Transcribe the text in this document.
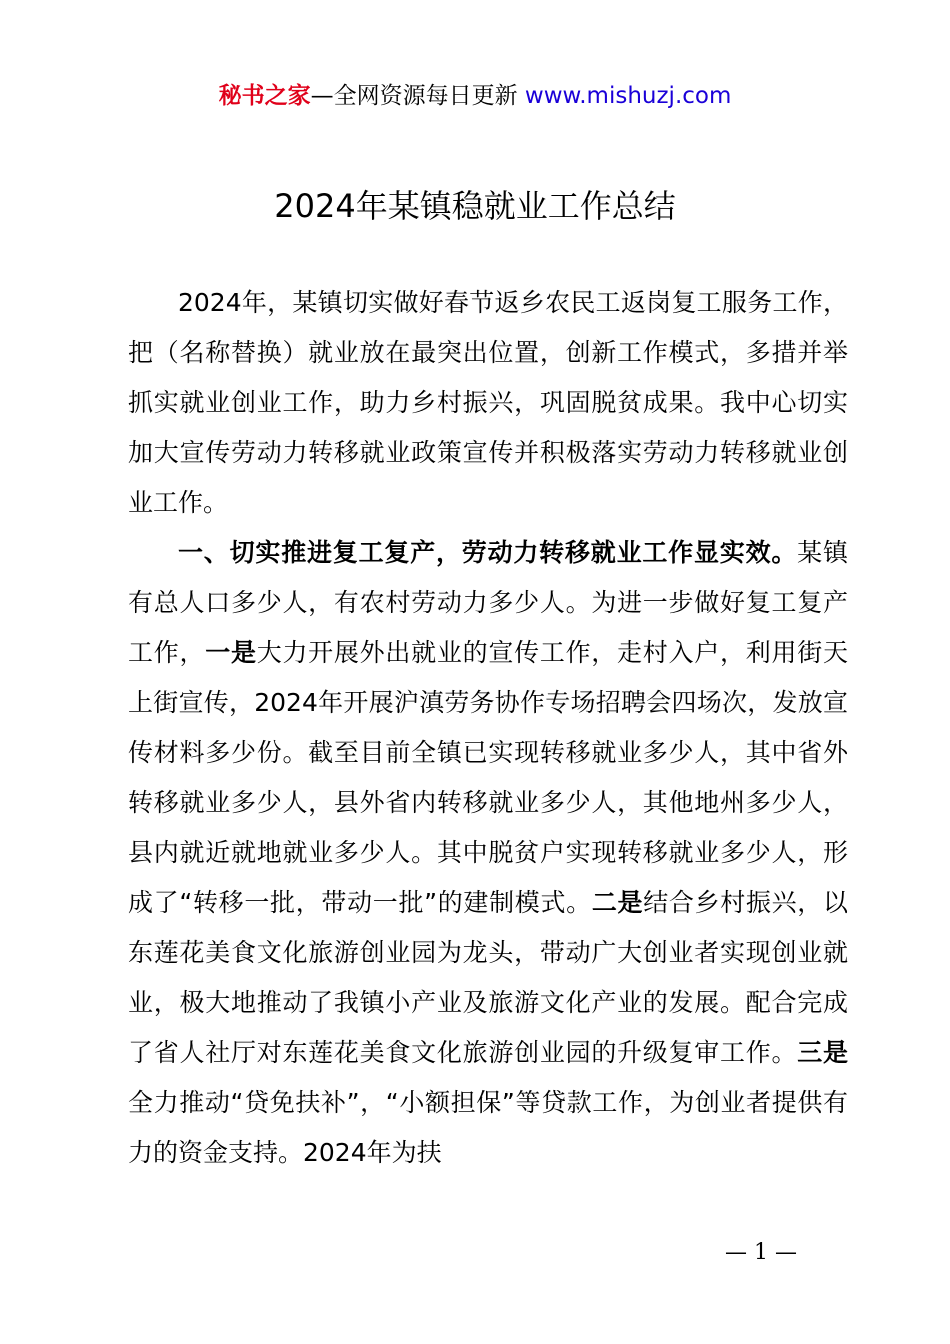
秘书之家—全网资源每日更新 www.mishuzj.com
2024年某镇稳就业工作总结

2024年，某镇切实做好春节返乡农民工返岗复工服务工作，把（名称替换）就业放在最突出位置，创新工作模式，多措并举抓实就业创业工作，助力乡村振兴，巩固脱贫成果。我中心切实加大宣传劳动力转移就业政策宣传并积极落实劳动力转移就业创业工作。

一、切实推进复工复产，劳动力转移就业工作显实效。某镇有总人口多少人，有农村劳动力多少人。为进一步做好复工复产工作，一是大力开展外出就业的宣传工作，走村入户，利用街天上街宣传，2024年开展沪滇劳务协作专场招聘会四场次，发放宣传材料多少份。截至目前全镇已实现转移就业多少人，其中省外转移就业多少人，县外省内转移就业多少人，其他地州多少人，县内就近就地就业多少人。其中脱贫户实现转移就业多少人，形成了“转移一批，带动一批”的建制模式。二是结合乡村振兴，以东莲花美食文化旅游创业园为龙头，带动广大创业者实现创业就业，极大地推动了我镇小产业及旅游文化产业的发展。配合完成了省人社厅对东莲花美食文化旅游创业园的升级复审工作。三是全力推动“贷免扶补”，“小额担保”等贷款工作，为创业者提供有力的资金支持。2024年为扶

— 1 —
